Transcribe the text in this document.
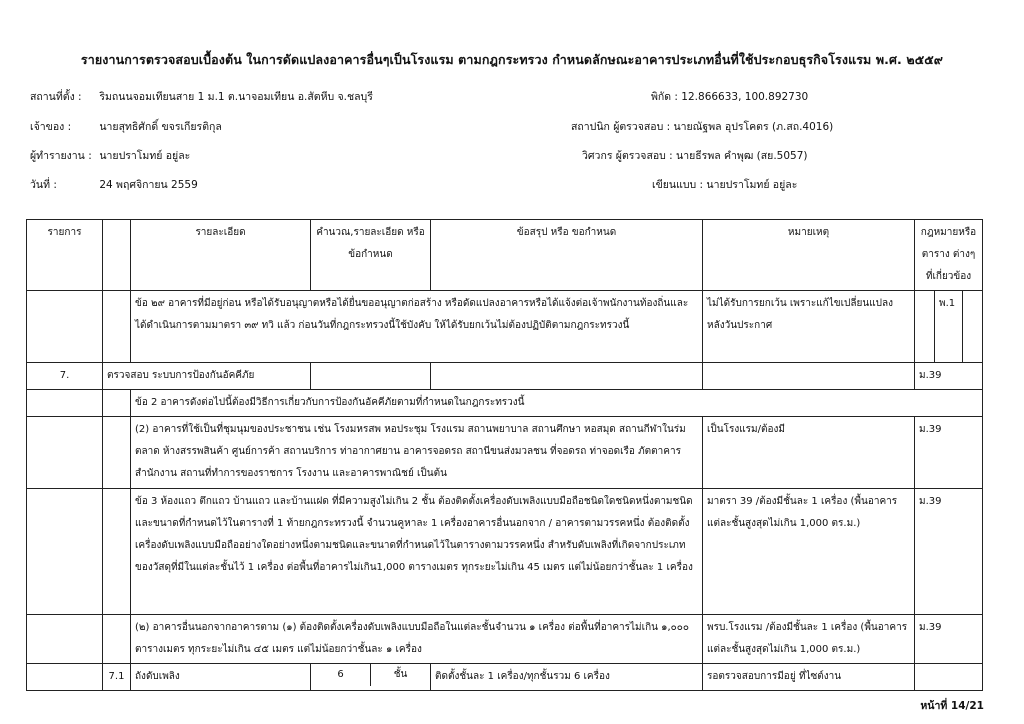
รายงานการตรวจสอบเบื้องต้น ในการดัดแปลงอาคารอื่นๆเป็นโรงแรม ตามกฎกระทรวง กำหนดลักษณะอาคารประเภทอื่นที่ใช้ประกอบธุรกิจโรงแรม พ.ศ. ๒๕๕๙
สถานที่ตั้ง : ริมถนนจอมเทียนสาย 1 ม.1 ต.นาจอมเทียน อ.สัตหีบ จ.ชลบุรี	พิกัด : 12.866633, 100.892730
เจ้าของ :	นายสุทธิศักดิ์ ขจรเกียรติกุล	สถาปนิก ผู้ตรวจสอบ : นายณัฐพล อุปรโคตร (ภ.สถ.4016)
ผู้ทำรายงาน : นายปราโมทย์ อยู่ละ	วิศวกร ผู้ตรวจสอบ : นายธีรพล คำพุฒ (สย.5057)
วันที่ :	24 พฤศจิกายน 2559	เขียนแบบ : นายปราโมทย์ อยู่ละ
รายการ		รายละเอียด	คำนวณ,รายละเอียด หรือ ข้อกำหนด	ข้อสรุป หรือ ขอกำหนด	หมายเหตุ	กฎหมายหรือตาราง ต่างๆที่เกี่ยวข้อง		
		ข้อ ๒๙ อาคารที่มีอยู่ก่อน หรือได้รับอนุญาตหรือได้ยื่นขออนุญาตก่อสร้าง หรือดัดแปลงอาคารหรือได้แจ้งต่อเจ้าพนักงานท้องถิ่นและได้ดำเนินการตามมาตรา ๓๙ ทวิ แล้ว ก่อนวันที่กฎกระทรวงนี้ใช้บังคับ ให้ได้รับยกเว้นไม่ต้องปฏิบัติตามกฎกระทรวงนี้			ไม่ได้รับการยกเว้น เพราะแก้ไขเปลี่ยนแปลงหลังวันประกาศ		พ.1	
7.	ตรวจสอบ ระบบการป้องกันอัคคีภัย					ม.39		
		ข้อ 2 อาคารดังต่อไปนี้ต้องมีวิธีการเกี่ยวกับการป้องกันอัคคีภัยตามที่กำหนดในกฎกระทรวงนี้						
		(2) อาคารที่ใช้เป็นที่ชุมนุมของประชาชน เช่น โรงมหรสพ หอประชุม โรงแรม สถานพยาบาล สถานศึกษา หอสมุด สถานกีฬาในร่ม ตลาด ห้างสรรพสินค้า ศูนย์การค้า สถานบริการ ท่าอากาศยาน อาคารจอดรถ สถานีขนส่งมวลชน ที่จอดรถ ท่าจอดเรือ ภัตตาคาร สำนักงาน สถานที่ทำการของราชการ โรงงาน และอาคารพาณิชย์ เป็นต้น			เป็นโรงแรม/ต้องมี	ม.39		
		ข้อ 3 ห้องแถว ตึกแถว บ้านแถว และบ้านแฝด ที่มีความสูงไม่เกิน 2 ชั้น ต้องติดตั้งเครื่องดับเพลิงแบบมือถือชนิดใดชนิดหนึ่งตามชนิดและขนาดที่กำหนดไว้ในตารางที่ 1 ท้ายกฎกระทรวงนี้ จำนวนคูหาละ 1 เครื่องอาคารอื่นนอกจาก / อาคารตามวรรคหนึ่ง ต้องติดตั้งเครื่องดับเพลิงแบบมือถืออย่างใดอย่างหนึ่งตามชนิดและขนาดที่กำหนดไว้ในตารางตามวรรคหนึ่ง สำหรับดับเพลิงที่เกิดจากประเภทของวัสดุที่มีในแต่ละชั้นไว้ 1 เครื่อง ต่อพื้นที่อาคารไม่เกิน1,000 ตารางเมตร ทุกระยะไม่เกิน 45 เมตร แต่ไม่น้อยกว่าชั้นละ 1 เครื่อง			มาตรา 39 /ต้องมีชั้นละ 1 เครื่อง (พื้นอาคารแต่ละชั้นสูงสุดไม่เกิน 1,000 ตร.ม.)	ม.39		
		(๒) อาคารอื่นนอกจากอาคารตาม (๑) ต้องติดตั้งเครื่องดับเพลิงแบบมือถือในแต่ละชั้นจำนวน ๑ เครื่อง ต่อพื้นที่อาคารไม่เกิน ๑,๐๐๐ ตารางเมตร ทุกระยะไม่เกิน ๔๕ เมตร แต่ไม่น้อยกว่าชั้นละ ๑ เครื่อง			พรบ.โรงแรม /ต้องมีชั้นละ 1 เครื่อง (พื้นอาคารแต่ละชั้นสูงสุดไม่เกิน 1,000 ตร.ม.)	ม.39		
	7.1	ถังดับเพลิง	6 ชั้น	ติดตั้งชั้นละ 1 เครื่อง/ทุกชั้นรวม 6 เครื่อง	รอตรวจสอบการมีอยู่ ที่ไซต์งาน			
หน้าที่ 14/21
